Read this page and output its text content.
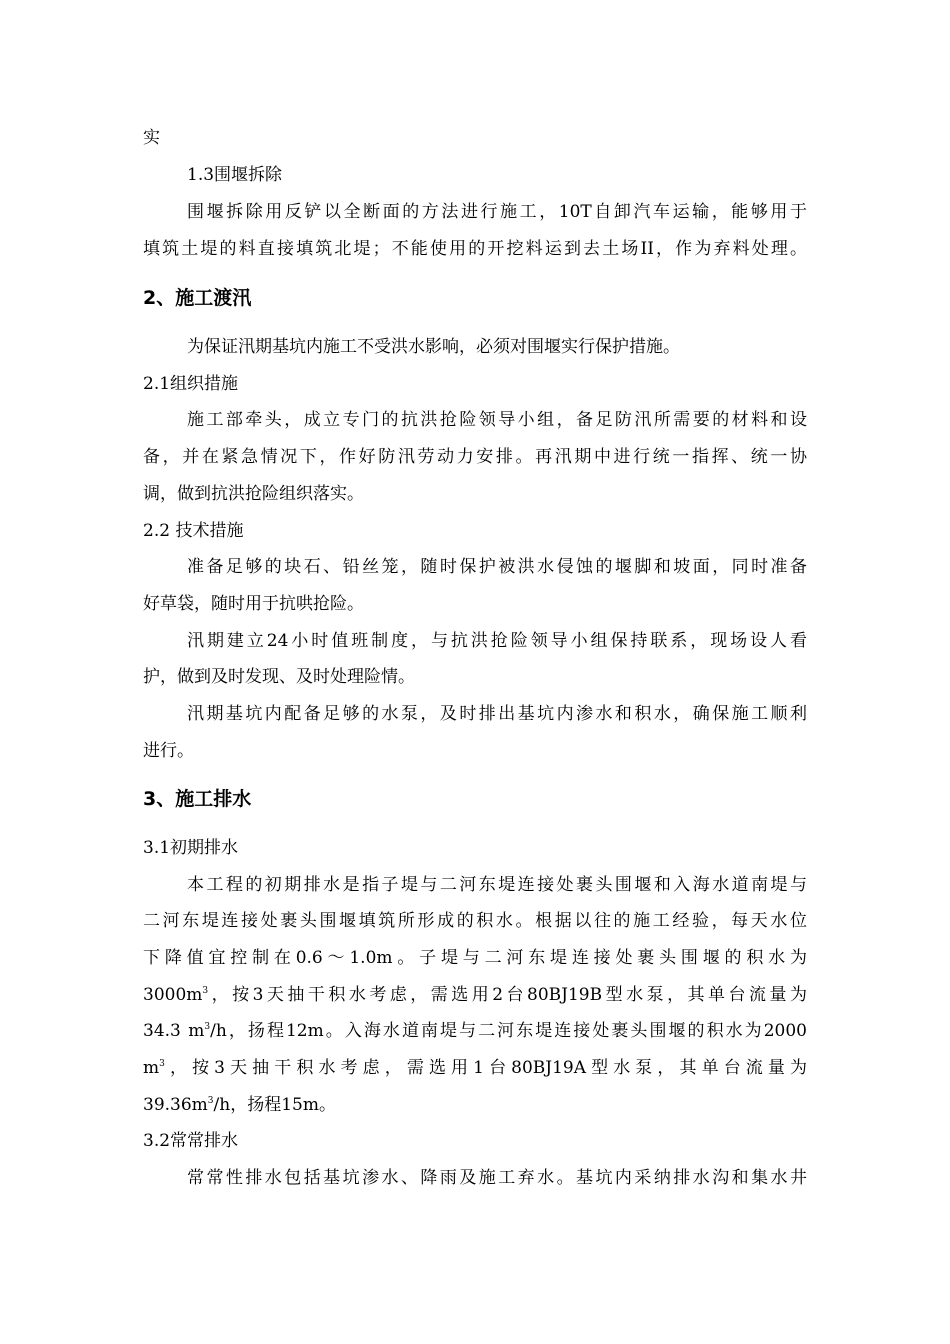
实
1.3围堰拆除
围堰拆除用反铲以全断面的方法进行施工，10T自卸汽车运输，能够用于
填筑土堤的料直接填筑北堤；不能使用的开挖料运到去土场II，作为弃料处理。
2、施工渡汛
为保证汛期基坑内施工不受洪水影响，必须对围堰实行保护措施。
2.1组织措施
施工部牵头，成立专门的抗洪抢险领导小组，备足防汛所需要的材料和设
备，并在紧急情况下，作好防汛劳动力安排。再汛期中进行统一指挥、统一协
调，做到抗洪抢险组织落实。
2.2 技术措施
准备足够的块石、铅丝笼，随时保护被洪水侵蚀的堰脚和坡面，同时准备
好草袋，随时用于抗哄抢险。
汛期建立24小时值班制度，与抗洪抢险领导小组保持联系，现场设人看
护，做到及时发现、及时处理险情。
汛期基坑内配备足够的水泵，及时排出基坑内渗水和积水，确保施工顺利
进行。
3、施工排水
3.1初期排水
本工程的初期排水是指子堤与二河东堤连接处裹头围堰和入海水道南堤与
二河东堤连接处裹头围堰填筑所形成的积水。根据以往的施工经验，每天水位
下降值宜控制在0.6～1.0m。子堤与二河东堤连接处裹头围堰的积水为
$3000m^3$，按3天抽干积水考虑，需选用2台80BJ19B型水泵，其单台流量为
34.3 $m^3/h$，扬程12m。入海水道南堤与二河东堤连接处裹头围堰的积水为2000
$m^3$，按3天抽干积水考虑，需选用1台80BJ19A型水泵，其单台流量为
$39.36m^3/h$，扬程15m。
3.2常常排水
常常性排水包括基坑渗水、降雨及施工弃水。基坑内采纳排水沟和集水井
